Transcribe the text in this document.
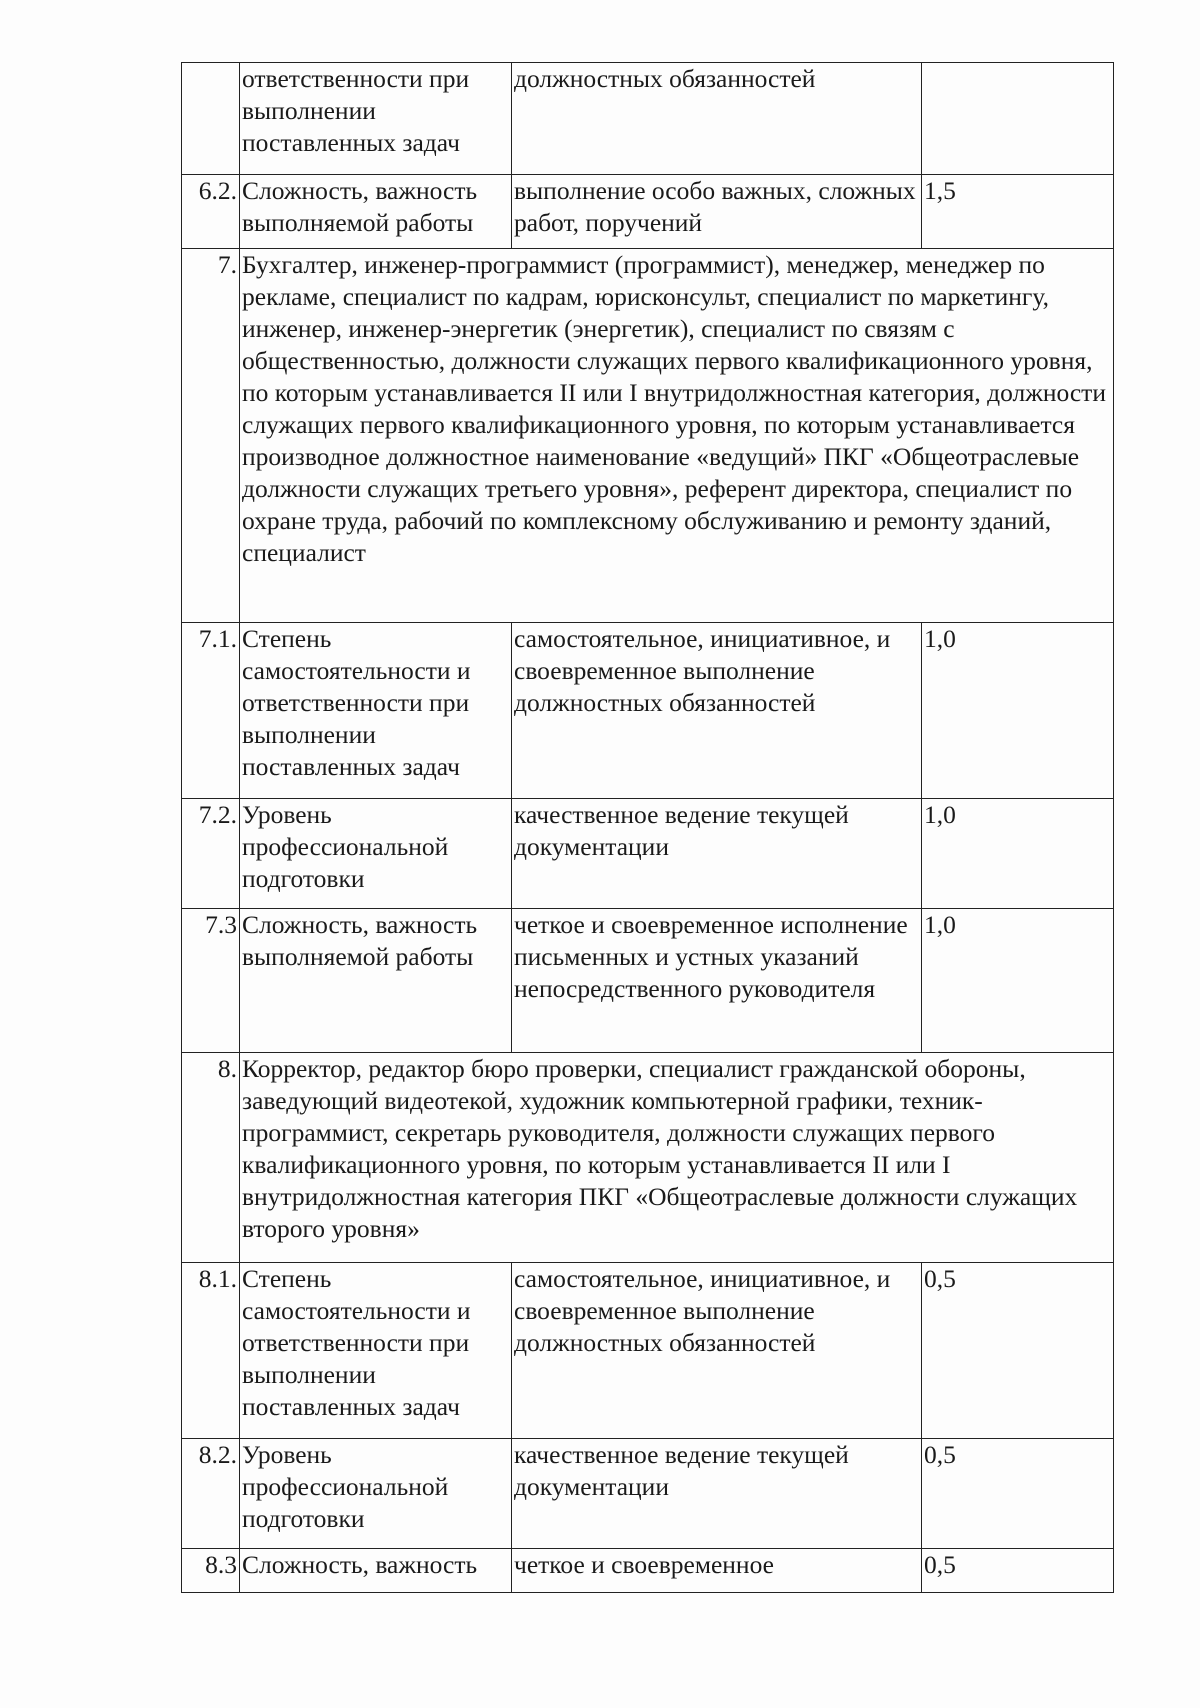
	ответственности при выполнении поставленных задач	должностных обязанностей	
6.2.	Сложность, важность выполняемой работы	выполнение особо важных, сложных работ, поручений	1,5
7.	Бухгалтер, инженер-программист (программист), менеджер, менеджер по рекламе, специалист по кадрам, юрисконсульт, специалист по маркетингу, инженер, инженер-энергетик (энергетик), специалист по связям с общественностью, должности служащих первого квалификационного уровня, по которым устанавливается II или I внутридолжностная категория, должности служащих первого квалификационного уровня, по которым устанавливается производное должностное наименование «ведущий» ПКГ «Общеотраслевые должности служащих третьего уровня», референт директора, специалист по охране труда, рабочий по комплексному обслуживанию и ремонту зданий, специалист		
7.1.	Степень самостоятельности и ответственности при выполнении поставленных задач	самостоятельное, инициативное, и своевременное выполнение должностных обязанностей	1,0
7.2.	Уровень профессиональной подготовки	качественное ведение текущей документации	1,0
7.3	Сложность, важность выполняемой работы	четкое и своевременное исполнение письменных и устных указаний непосредственного руководителя	1,0
8.	Корректор, редактор бюро проверки, специалист гражданской обороны, заведующий видеотекой, художник компьютерной графики, техник-программист, секретарь руководителя, должности служащих первого квалификационного уровня, по которым устанавливается II или I внутридолжностная категория ПКГ «Общеотраслевые должности служащих второго уровня»		
8.1.	Степень самостоятельности и ответственности при выполнении поставленных задач	самостоятельное, инициативное, и своевременное выполнение должностных обязанностей	0,5
8.2.	Уровень профессиональной подготовки	качественное ведение текущей документации	0,5
8.3	Сложность, важность	четкое и своевременное	0,5
